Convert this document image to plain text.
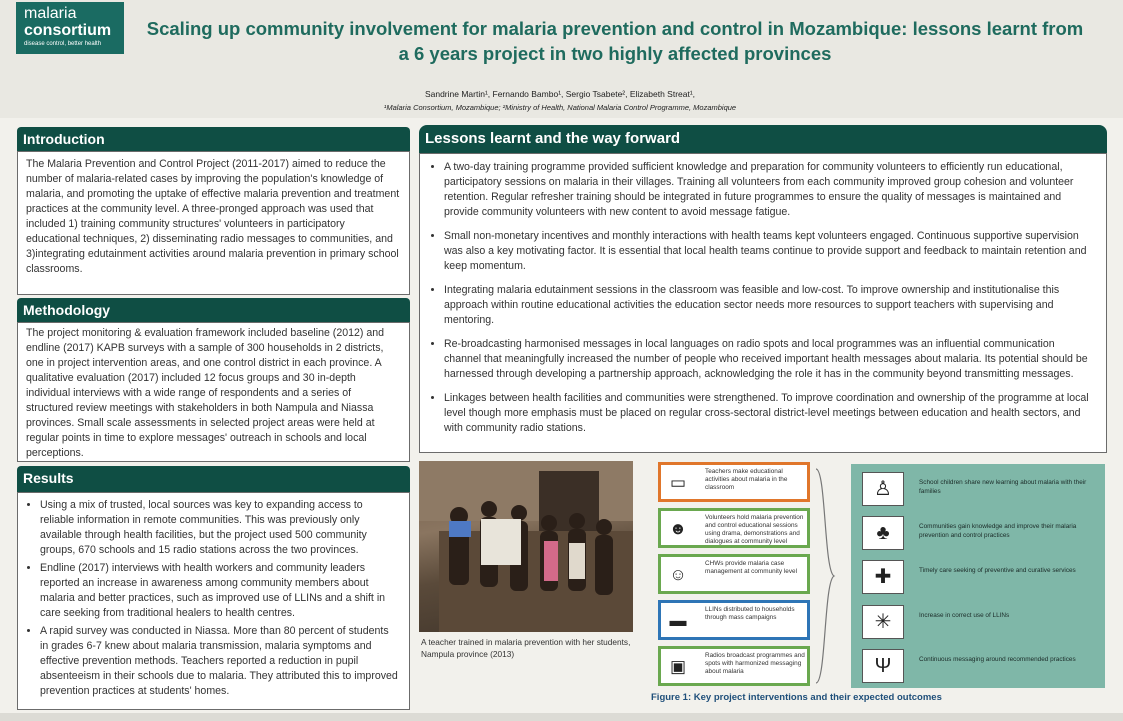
malaria
consortium
disease control, better health
Scaling up community involvement for malaria prevention and control in Mozambique: lessons learnt from a 6 years project in two highly affected provinces
Sandrine Martin¹, Fernando Bambo¹, Sergio Tsabete², Elizabeth Streat¹,
¹Malaria Consortium, Mozambique; ²Ministry of Health, National Malaria Control Programme, Mozambique
Introduction

The Malaria Prevention and Control Project (2011-2017) aimed to reduce the number of malaria-related cases by improving the population's knowledge of malaria, and promoting the uptake of effective malaria prevention and treatment practices at the community level. A three-pronged approach was used that included 1) training community structures' volunteers in participatory educational techniques, 2) disseminating radio messages to communities, and 3)integrating edutainment activities around malaria prevention in primary school classrooms.

Methodology

The project monitoring & evaluation framework included baseline (2012) and endline (2017) KAPB surveys with a sample of 300 households in 2 districts, one in project intervention areas, and one control district in each province. A qualitative evaluation (2017) included 12 focus groups and 30 in-depth individual interviews with a wide range of respondents and a series of structured review meetings with stakeholders in both Nampula and Niassa provinces. Small scale assessments in selected project areas were held at regular points in time to explore messages' outreach in schools and local perceptions.

Results
• Using a mix of trusted, local sources was key to expanding access to reliable information in remote communities. This was previously only available through health facilities, but the project used 500 community groups, 670 schools and 15 radio stations across the two provinces.
• Endline (2017) interviews with health workers and community leaders reported an increase in awareness among community members about malaria and better practices, such as improved use of LLINs and a shift in care seeking from traditional healers to health centres.
• A rapid survey was conducted in Niassa. More than 80 percent of students in grades 6-7 knew about malaria transmission, malaria symptoms and effective prevention methods. Teachers reported a reduction in pupil absenteeism in their schools due to malaria. They attributed this to improved prevention practices at students' homes.
Lessons learnt and the way forward
• A two-day training programme provided sufficient knowledge and preparation for community volunteers to efficiently run educational, participatory sessions on malaria in their villages. Training all volunteers from each community improved group cohesion and volunteer retention. Regular refresher training should be integrated in future programmes to ensure the quality of messages is maintained and provide community volunteers with new content to avoid message fatigue.
• Small non-monetary incentives and monthly interactions with health teams kept volunteers engaged. Continuous supportive supervision was also a key motivating factor. It is essential that local health teams continue to provide support and feedback to maintain retention and keep momentum.
• Integrating malaria edutainment sessions in the classroom was feasible and low-cost. To improve ownership and institutionalise this approach within routine educational activities the education sector needs more resources to support teachers with supervising and mentoring.
• Re-broadcasting harmonised messages in local languages on radio spots and local programmes was an influential communication channel that meaningfully increased the number of people who received important health messages about malaria. Its potential should be harnessed through developing a partnership approach, acknowledging the role it has in the community beyond transmitting messages.
• Linkages between health facilities and communities were strengthened. To improve coordination and ownership of the programme at local level though more emphasis must be placed on regular cross-sectoral district-level meetings between education and health sectors, and with community radio stations.
A teacher trained in malaria prevention with her students, Nampula province (2013)
▭
Teachers make educational activities about malaria in the classroom
☻
Volunteers hold malaria prevention and control educational sessions using drama, demonstrations and dialogues at community level
☺
CHWs provide malaria case management at community level
▬
LLINs distributed to households through mass campaigns
▣
Radios broadcast programmes and spots with harmonized messaging about malaria
♙	School children share new learning about malaria with their families
♣	Communities gain knowledge and improve their malaria prevention and control practices
✚	Timely care seeking of preventive and curative services
✳	Increase in correct use of LLINs
Ψ	Continuous messaging around recommended practices
Figure 1: Key project interventions and their expected outcomes
